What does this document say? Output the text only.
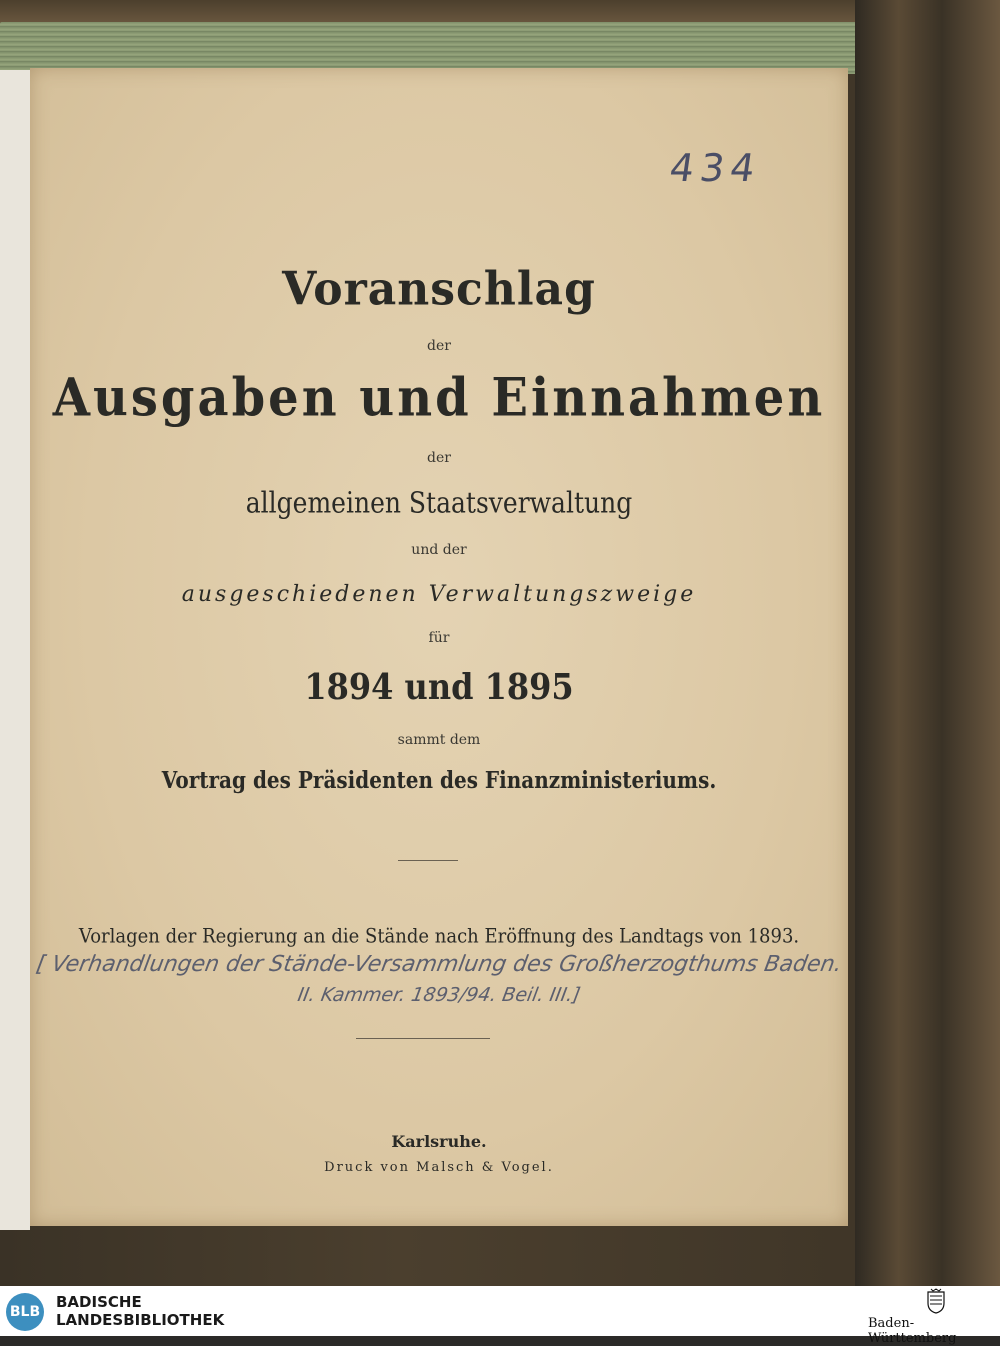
434
Voranschlag
der
Ausgaben und Einnahmen
der
allgemeinen Staatsverwaltung
und der
ausgeschiedenen Verwaltungszweige
für
1894 und 1895
sammt dem
Vortrag des Präsidenten des Finanzministeriums.
Vorlagen der Regierung an die Stände nach Eröffnung des Landtags von 1893.
[ Verhandlungen der Stände-Versammlung des Großherzogthums Baden.
II. Kammer. 1893/94. Beil. III.]
Karlsruhe.
Druck von Malsch & Vogel.
BLB
BADISCHE
LANDESBIBLIOTHEK	Baden-Württemberg
